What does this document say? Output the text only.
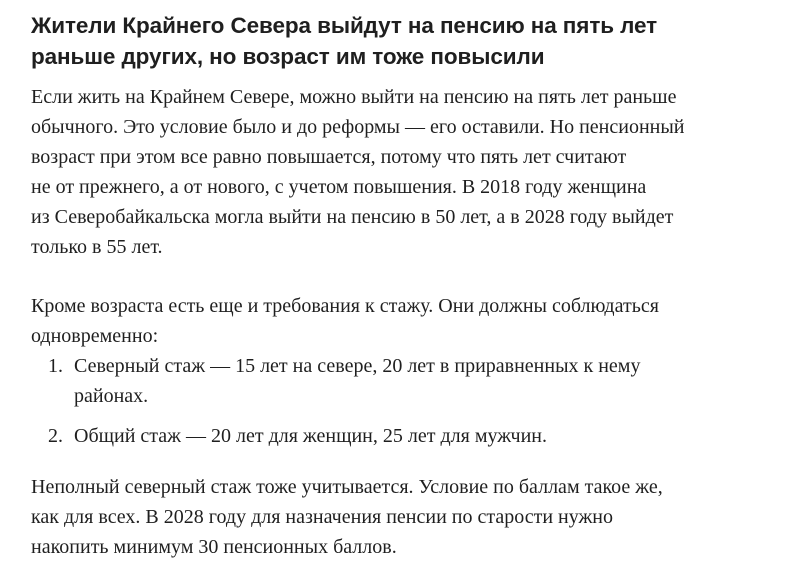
Жители Крайнего Севера выйдут на пенсию на пять лет
раньше других, но возраст им тоже повысили

Если жить на Крайнем Севере, можно выйти на пенсию на пять лет раньше
обычного. Это условие было и до реформы — его оставили. Но пенсионный
возраст при этом все равно повышается, потому что пять лет считают
не от прежнего, а от нового, с учетом повышения. В 2018 году женщина
из Северобайкальска могла выйти на пенсию в 50 лет, а в 2028 году выйдет
только в 55 лет.

Кроме возраста есть еще и требования к стажу. Они должны соблюдаться
одновременно:

1. Северный стаж — 15 лет на севере, 20 лет в приравненных к нему
районах.
2. Общий стаж — 20 лет для женщин, 25 лет для мужчин.

Неполный северный стаж тоже учитывается. Условие по баллам такое же,
как для всех. В 2028 году для назначения пенсии по старости нужно
накопить минимум 30 пенсионных баллов.
